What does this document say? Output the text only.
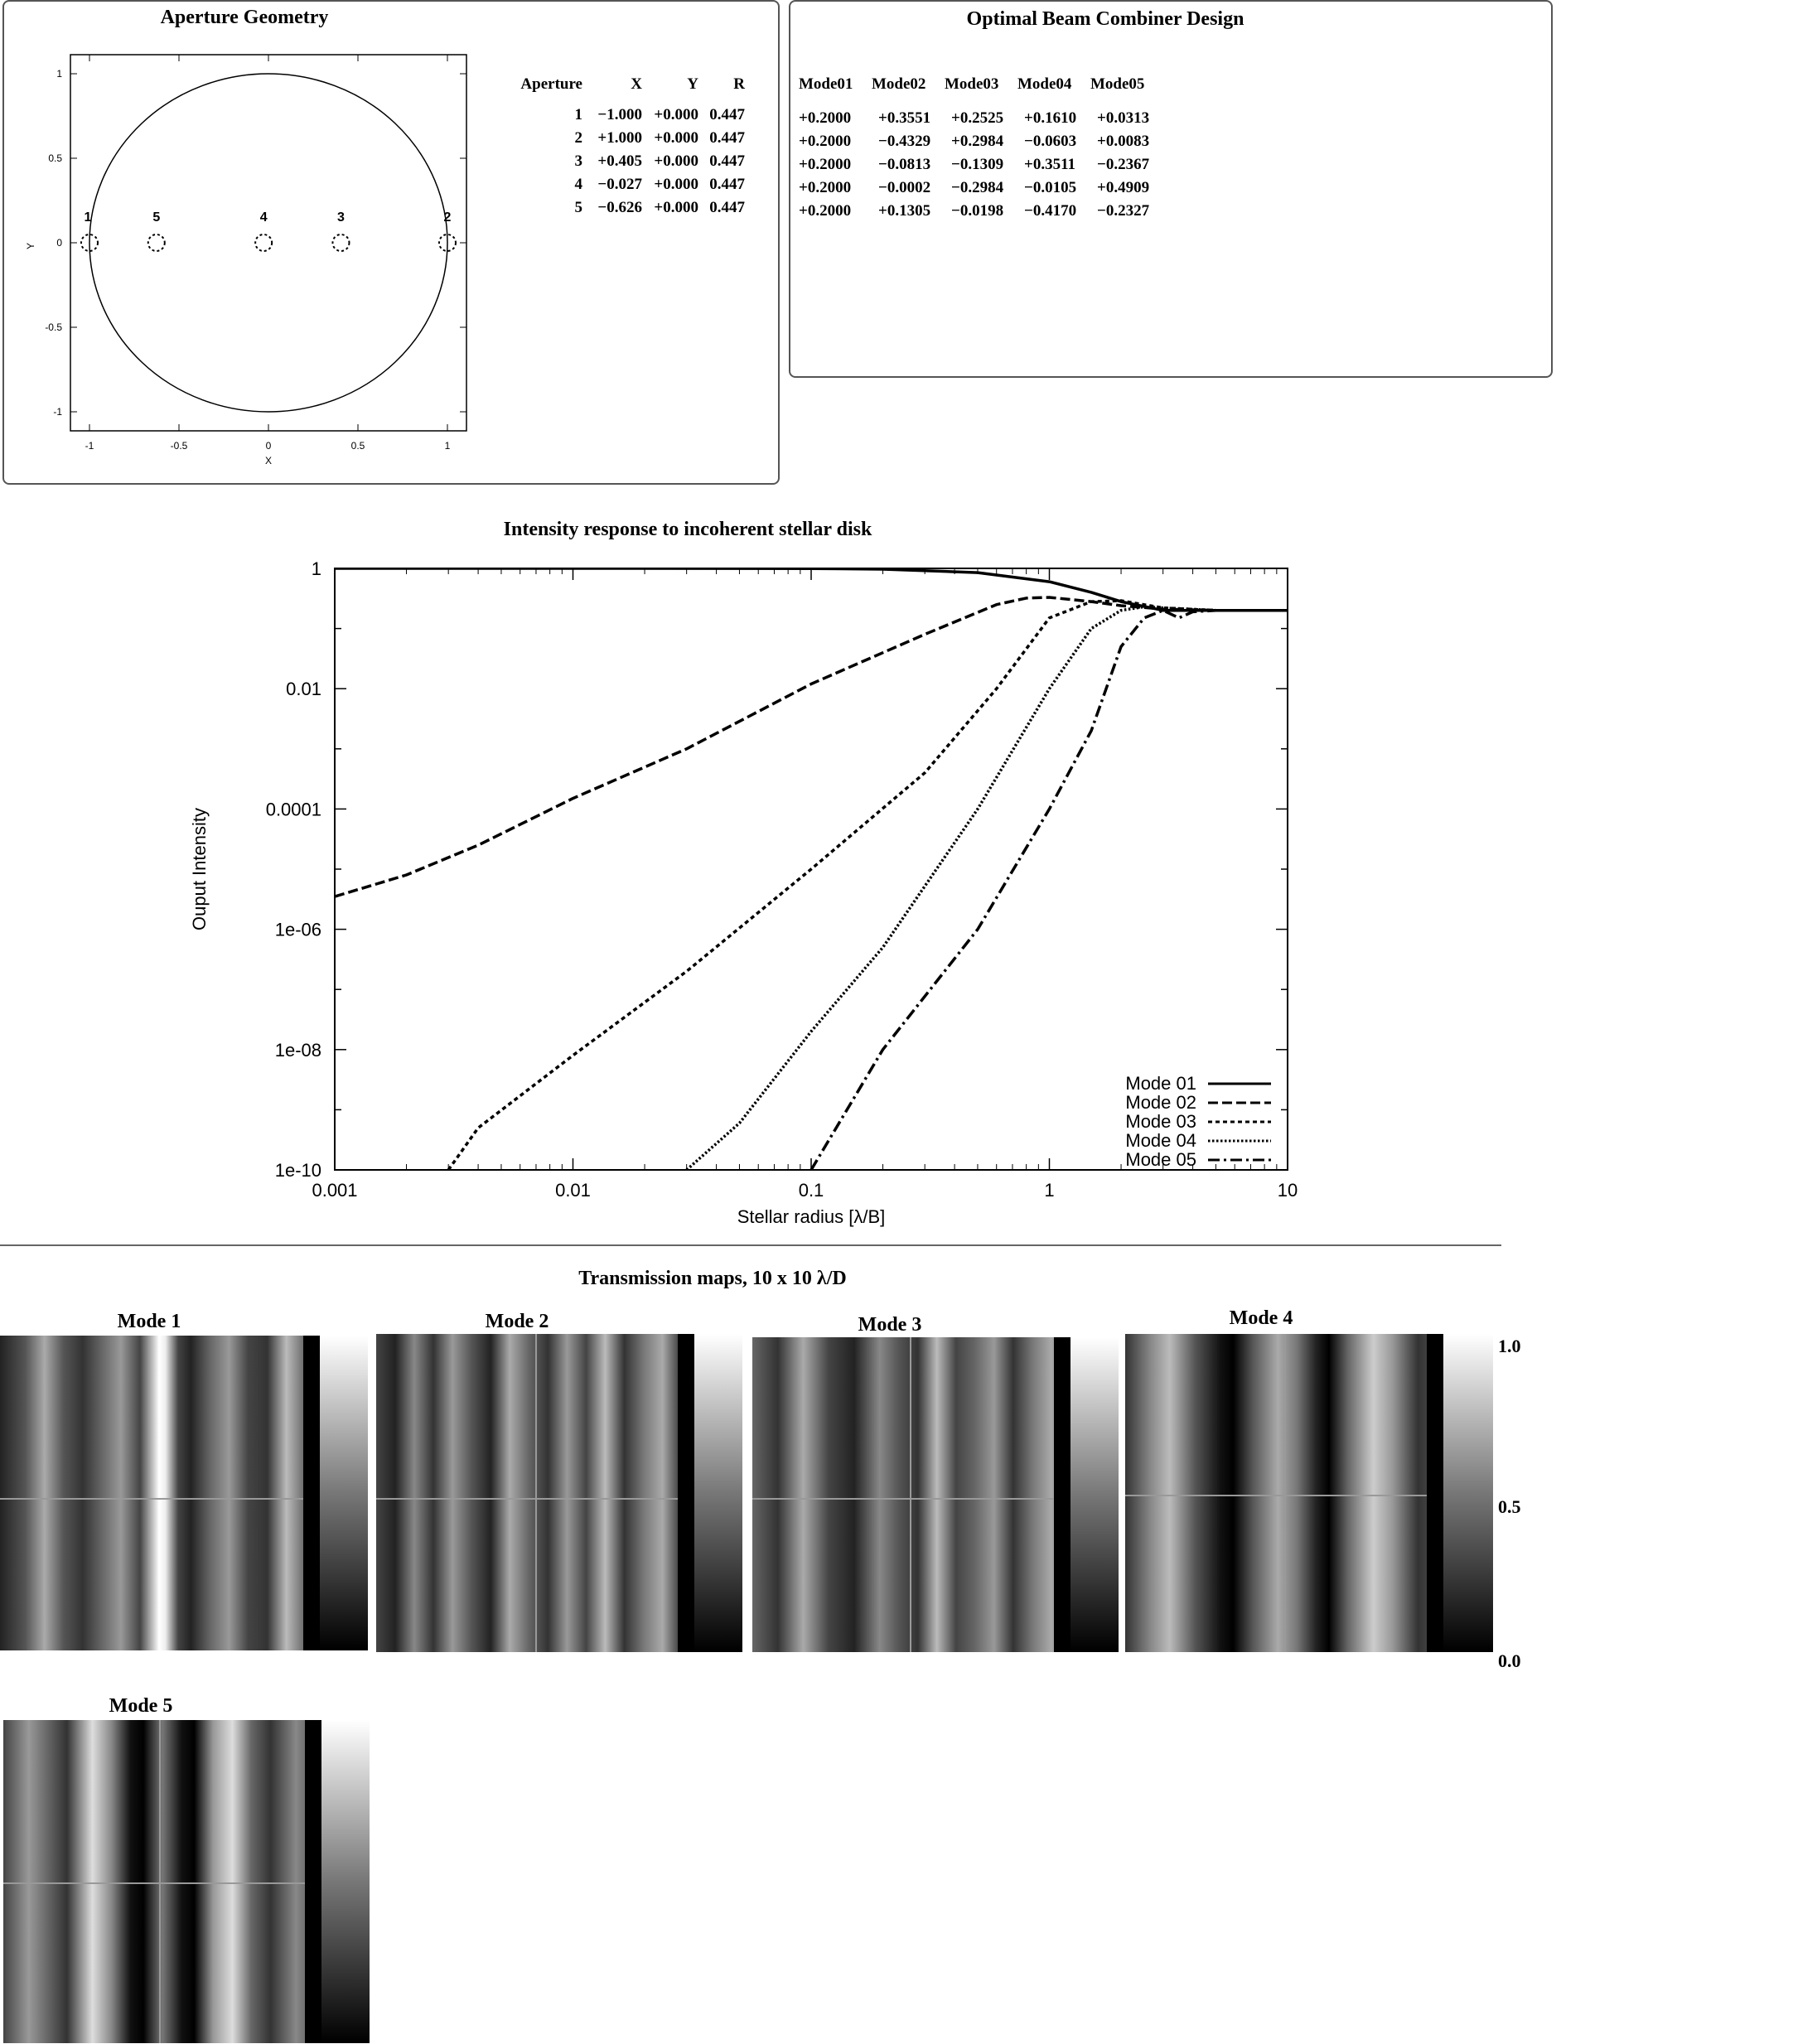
Aperture Geometry
-1	-0.5	0	0.5	1
1
0.5
0
-0.5
-1
X
Y
1	2
3
4
5
Aperture	X	Y	R
1	−1.000	+0.000	0.447
2	+1.000	+0.000	0.447
3	+0.405	+0.000	0.447
4	−0.027	+0.000	0.447
5	−0.626	+0.000	0.447
Optimal Beam Combiner Design
Mode01	Mode02	Mode03	Mode04	Mode05
+0.2000	+0.3551	+0.2525	+0.1610	+0.0313
+0.2000	−0.4329	+0.2984	−0.0603	+0.0083
+0.2000	−0.0813	−0.1309	+0.3511	−0.2367
+0.2000	−0.0002	−0.2984	−0.0105	+0.4909
+0.2000	+0.1305	−0.0198	−0.4170	−0.2327
Intensity response to incoherent stellar disk
0.001	0.01	0.1	1	10
1
0.01
0.0001
1e-06
1e-08
1e-10
Stellar radius [λ/B]
Ouput Intensity
Mode 01
Mode 02
Mode 03
Mode 04
Mode 05
Transmission maps, 10 x 10 λ/D
Mode 1	Mode 2	Mode 3	Mode 4
Mode 5
1.0
0.5
0.0
